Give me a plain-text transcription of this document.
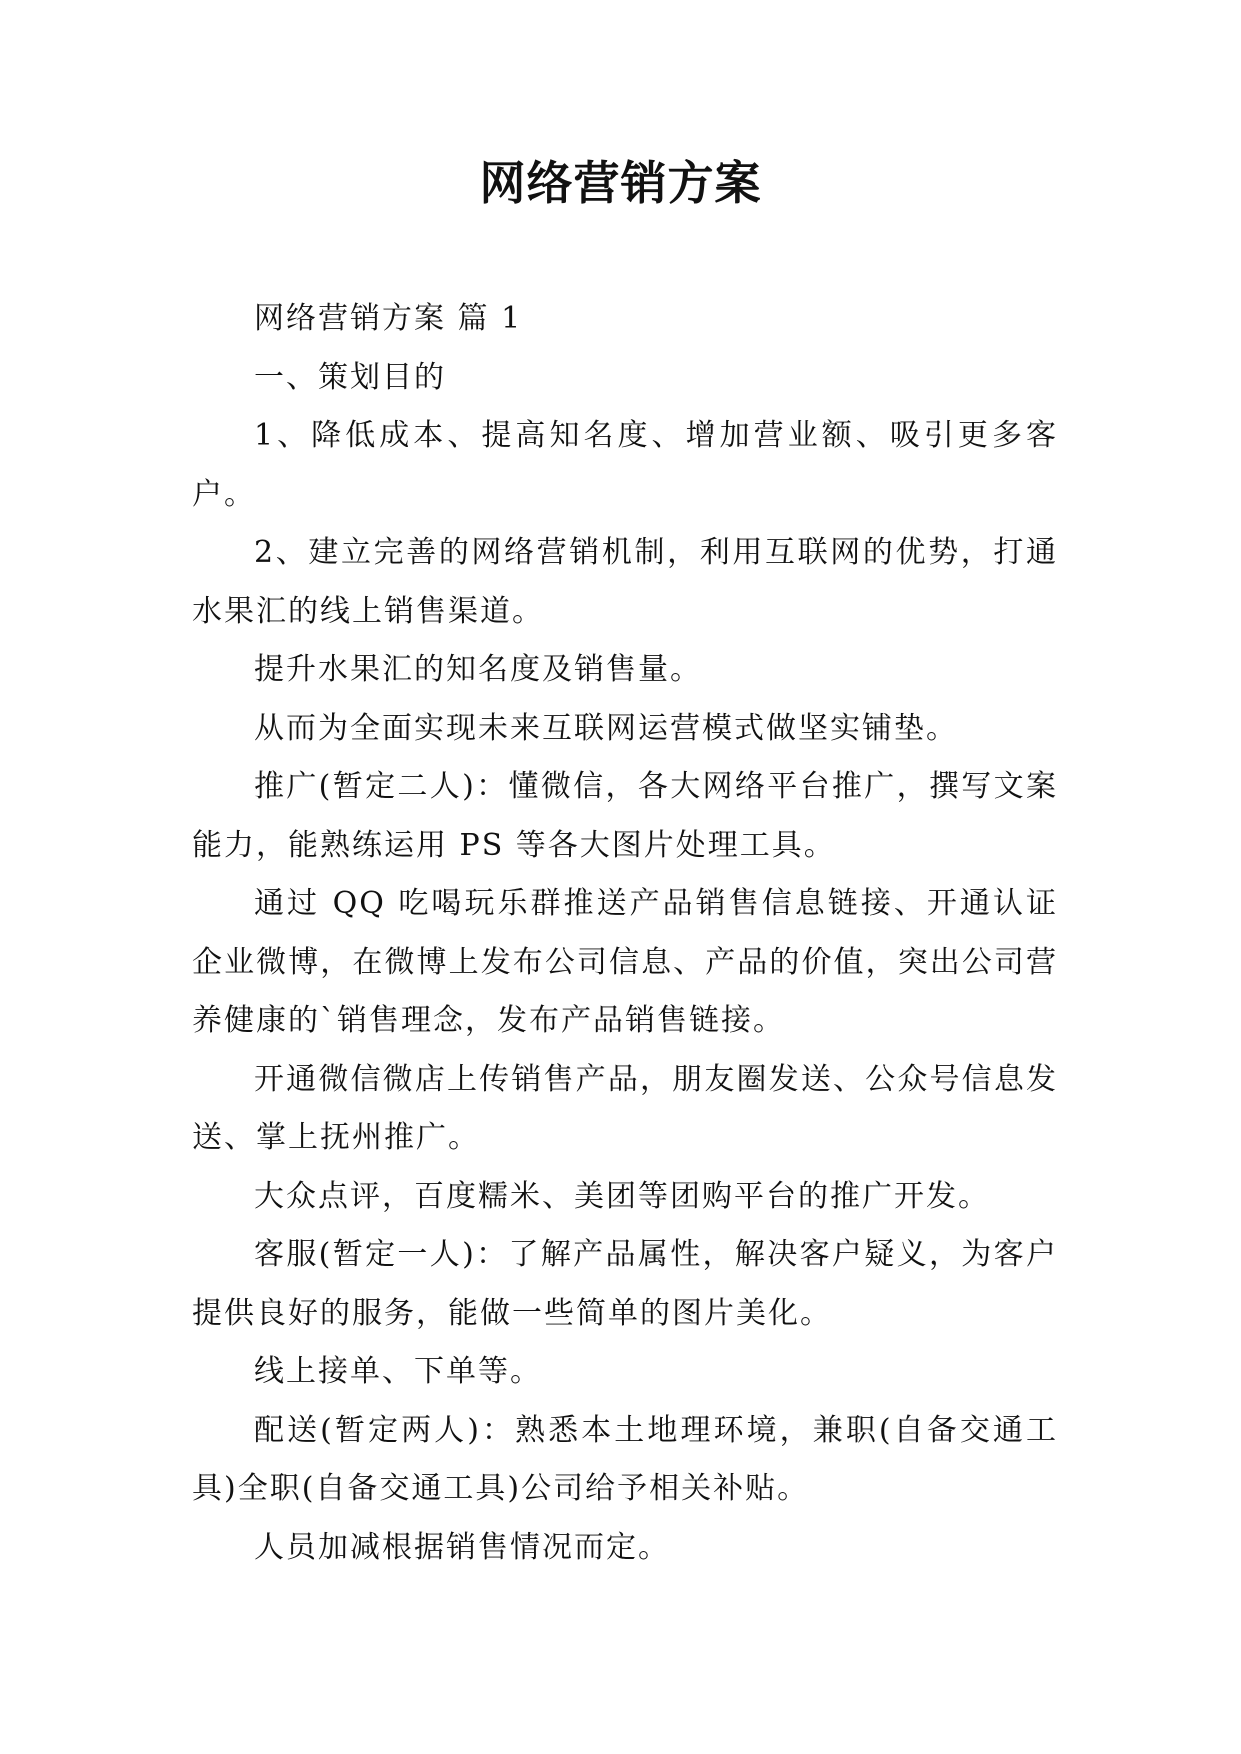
网络营销方案

网络营销方案 篇 1

一、策划目的

1、降低成本、提高知名度、增加营业额、吸引更多客户。

2、建立完善的网络营销机制，利用互联网的优势，打通水果汇的线上销售渠道。

提升水果汇的知名度及销售量。

从而为全面实现未来互联网运营模式做坚实铺垫。

推广(暂定二人)：懂微信，各大网络平台推广，撰写文案能力，能熟练运用 PS 等各大图片处理工具。

通过 QQ 吃喝玩乐群推送产品销售信息链接、开通认证企业微博，在微博上发布公司信息、产品的价值，突出公司营养健康的`销售理念，发布产品销售链接。

开通微信微店上传销售产品，朋友圈发送、公众号信息发送、掌上抚州推广。

大众点评，百度糯米、美团等团购平台的推广开发。

客服(暂定一人)：了解产品属性，解决客户疑义，为客户提供良好的服务，能做一些简单的图片美化。

线上接单、下单等。

配送(暂定两人)：熟悉本土地理环境，兼职(自备交通工具)全职(自备交通工具)公司给予相关补贴。

人员加减根据销售情况而定。
